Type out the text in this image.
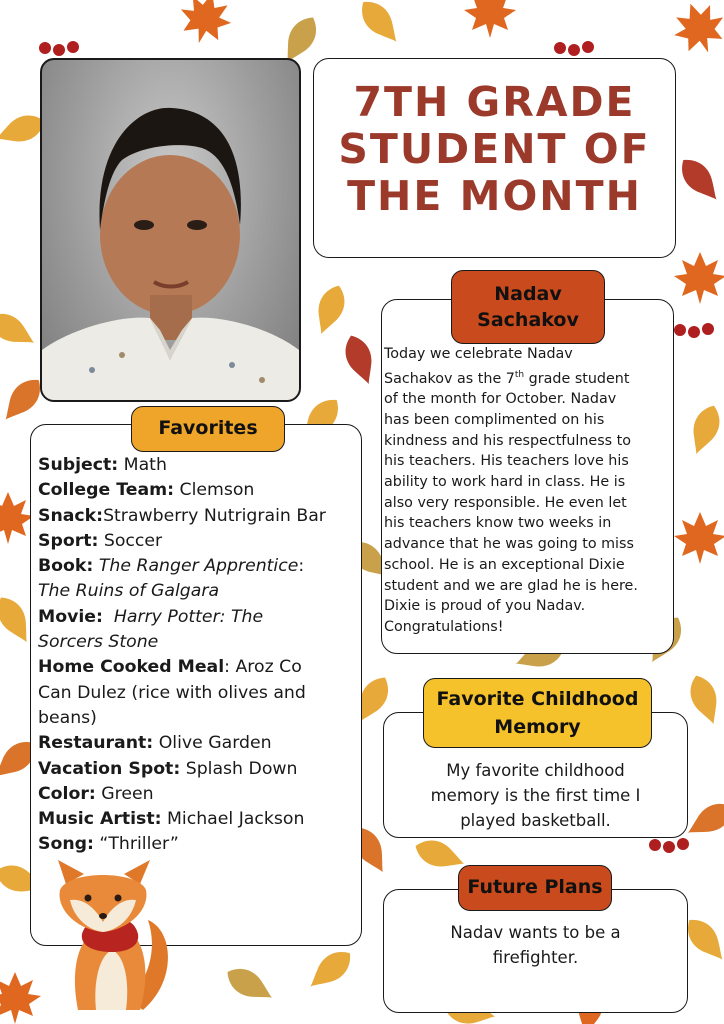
7TH GRADE
STUDENT OF
THE MONTH

Today we celebrate Nadav
Sachakov as the 7th grade student
of the month for October. Nadav
has been complimented on his
kindness and his respectfulness to
his teachers. His teachers love his
ability to work hard in class. He is
also very responsible. He even let
his teachers know two weeks in
advance that he was going to miss
school. He is an exceptional Dixie
student and we are glad he is here.
Dixie is proud of you Nadav.
Congratulations!

Nadav
Sachakov
Subject: Math
College Team: Clemson
Snack:Strawberry Nutrigrain Bar
Sport: Soccer
Book: The Ranger Apprentice:
The Ruins of Galgara
Movie:  Harry Potter: The
Sorcers Stone
Home Cooked Meal: Aroz Co
Can Dulez (rice with olives and
beans)
Restaurant: Olive Garden
Vacation Spot: Splash Down
Color: Green
Music Artist: Michael Jackson
Song: “Thriller”
Favorites

My favorite childhood
memory is the first time I
played basketball.

Favorite Childhood
Memory

Nadav wants to be a
firefighter.

Future Plans
